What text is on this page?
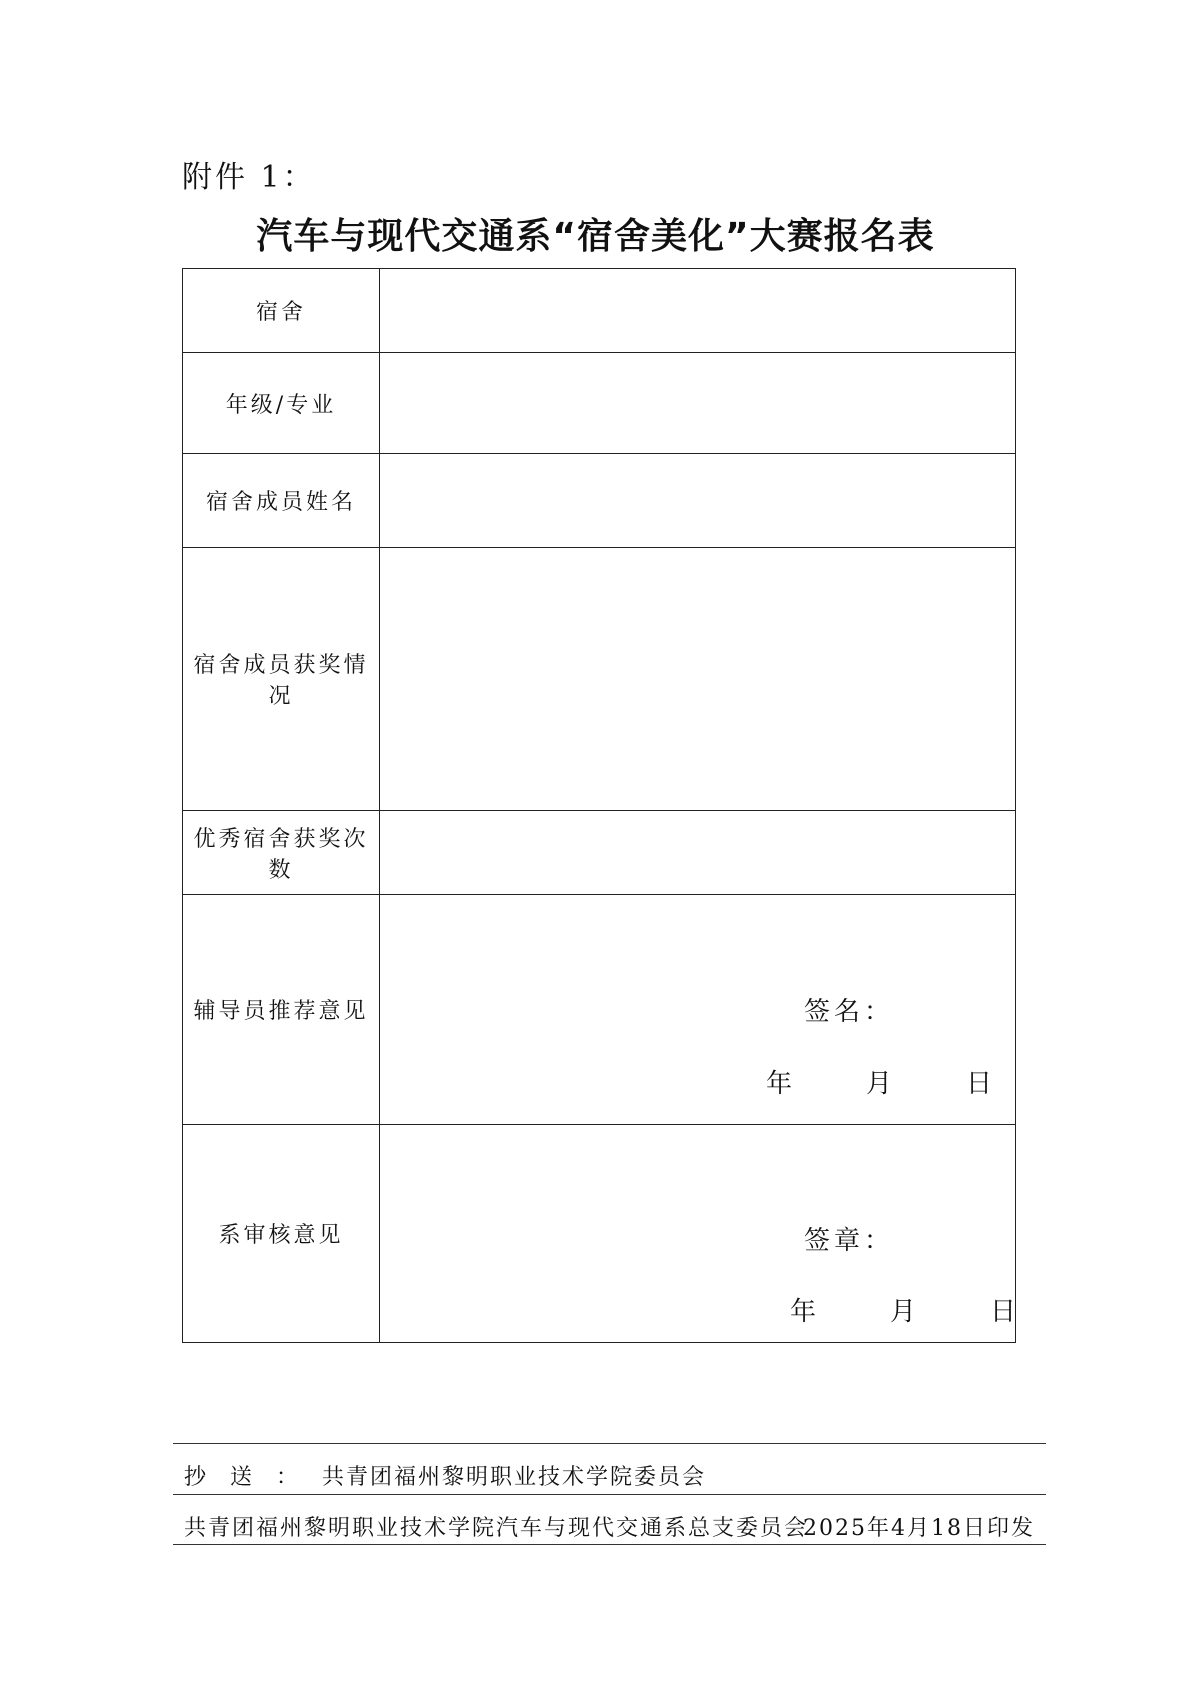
附件 1：
汽车与现代交通系“宿舍美化”大赛报名表
宿舍	
年级/专业	
宿舍成员姓名	
宿舍成员获奖情况	
优秀宿舍获奖次数	
辅导员推荐意见	签名：
年 月 日

系审核意见	签章：
年 月 日
抄送：共青团福州黎明职业技术学院委员会
共青团福州黎明职业技术学院汽车与现代交通系总支委员会
2025年4月18日印发
